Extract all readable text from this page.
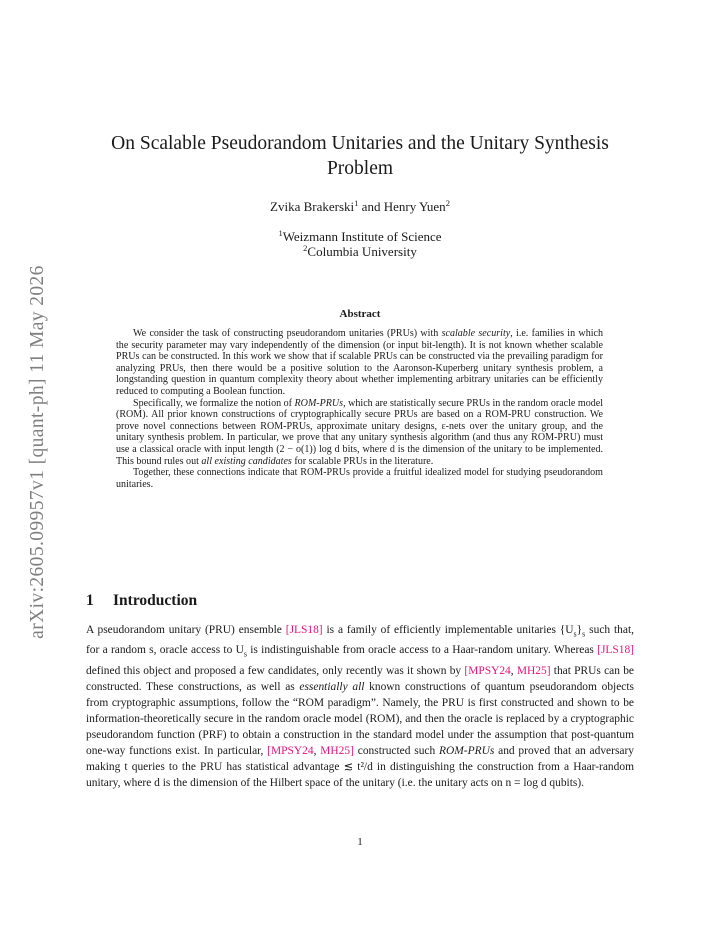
arXiv:2605.09957v1 [quant-ph] 11 May 2026
On Scalable Pseudorandom Unitaries and the Unitary Synthesis
Problem
Zvika Brakerski$^1$ and Henry Yuen$^2$
$^1$Weizmann Institute of Science
$^2$Columbia University
Abstract

We consider the task of constructing pseudorandom unitaries (PRUs) with scalable security, i.e. families in which the security parameter may vary independently of the dimension (or input bit-length). It is not known whether scalable PRUs can be constructed. In this work we show that if scalable PRUs can be constructed via the prevailing paradigm for analyzing PRUs, then there would be a positive solution to the Aaronson-Kuperberg unitary synthesis problem, a longstanding question in quantum complexity theory about whether implementing arbitrary unitaries can be efficiently reduced to computing a Boolean function.

Specifically, we formalize the notion of ROM-PRUs, which are statistically secure PRUs in the random oracle model (ROM). All prior known constructions of cryptographically secure PRUs are based on a ROM-PRU construction. We prove novel connections between ROM-PRUs, approximate unitary designs, ε-nets over the unitary group, and the unitary synthesis problem. In particular, we prove that any unitary synthesis algorithm (and thus any ROM-PRU) must use a classical oracle with input length (2 − o(1)) log d bits, where d is the dimension of the unitary to be implemented. This bound rules out all existing candidates for scalable PRUs in the literature.

Together, these connections indicate that ROM-PRUs provide a fruitful idealized model for studying pseudorandom unitaries.

1 Introduction

A pseudorandom unitary (PRU) ensemble [JLS18] is a family of efficiently implementable unitaries $\{U_s\}_s$ such that, for a random s, oracle access to $U_s$ is indistinguishable from oracle access to a Haar-random unitary. Whereas [JLS18] defined this object and proposed a few candidates, only recently was it shown by [MPSY24, MH25] that PRUs can be constructed. These constructions, as well as essentially all known constructions of quantum pseudorandom objects from cryptographic assumptions, follow the “ROM paradigm”. Namely, the PRU is first constructed and shown to be information-theoretically secure in the random oracle model (ROM), and then the oracle is replaced by a cryptographic pseudorandom function (PRF) to obtain a construction in the standard model under the assumption that post-quantum one-way functions exist. In particular, [MPSY24, MH25] constructed such ROM-PRUs and proved that an adversary making t queries to the PRU has statistical advantage ≲ t²/d in distinguishing the construction from a Haar-random unitary, where d is the dimension of the Hilbert space of the unitary (i.e. the unitary acts on n = log d qubits).

1
